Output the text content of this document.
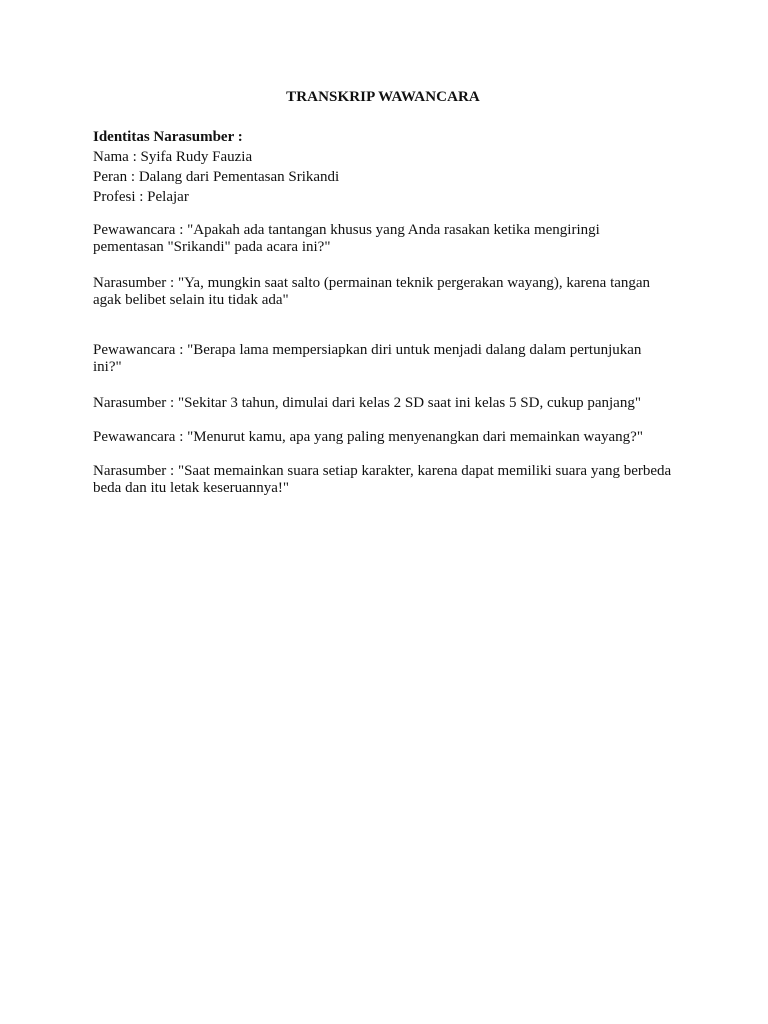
TRANSKRIP WAWANCARA
Identitas Narasumber :
Nama : Syifa Rudy Fauzia
Peran : Dalang dari Pementasan Srikandi
Profesi : Pelajar

Pewawancara : "Apakah ada tantangan khusus yang Anda rasakan ketika mengiringi pementasan "Srikandi" pada acara ini?"

Narasumber : "Ya, mungkin saat salto (permainan teknik pergerakan wayang), karena tangan agak belibet selain itu tidak ada"

Pewawancara : "Berapa lama mempersiapkan diri untuk menjadi dalang dalam pertunjukan ini?"

Narasumber : "Sekitar 3 tahun, dimulai dari kelas 2 SD saat ini kelas 5 SD, cukup panjang"

Pewawancara : "Menurut kamu, apa yang paling menyenangkan dari memainkan wayang?"

Narasumber : "Saat memainkan suara setiap karakter, karena dapat memiliki suara yang berbeda beda dan itu letak keseruannya!"
